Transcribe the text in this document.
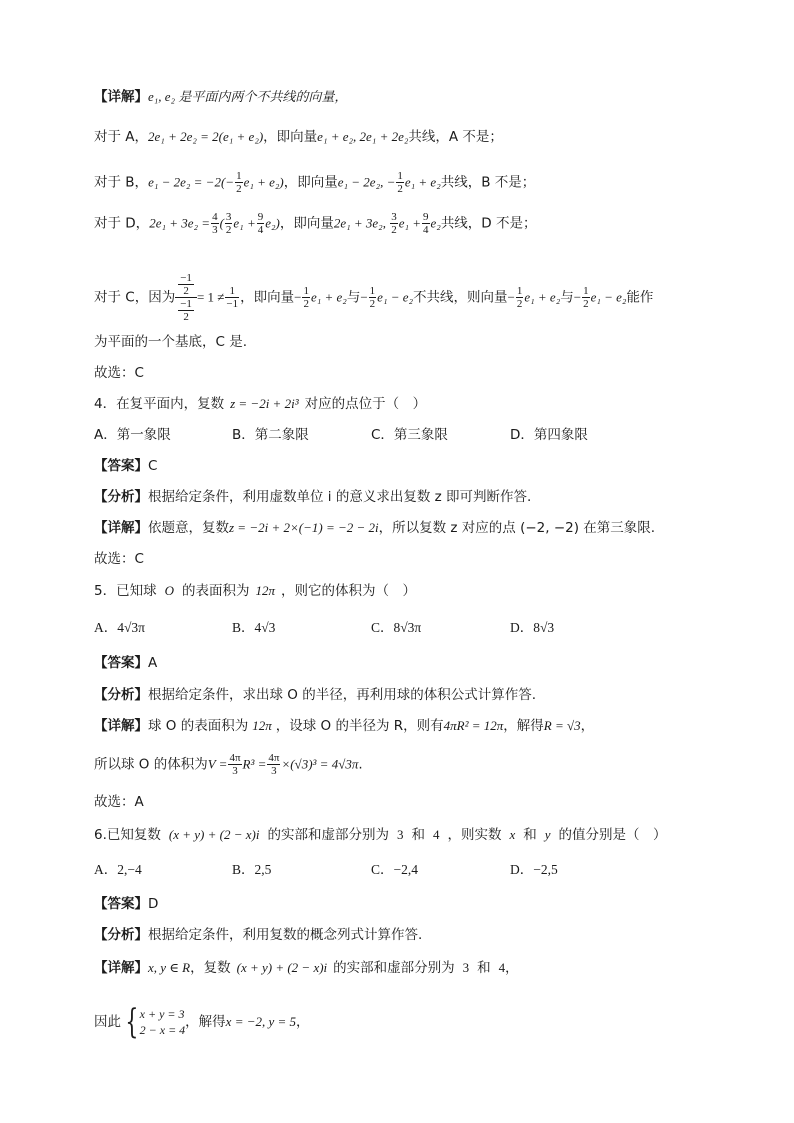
【详解】e₁, e₂ 是平面内两个不共线的向量，
对于 A，2e₁ + 2e₂ = 2(e₁ + e₂)，即向量e₁ + e₂, 2e₁ + 2e₂共线，A 不是；
对于 B，$e_1 - 2e_2 = -2(- \frac{1}{2} e_1 + e_2)$，即向量e₁ − 2e₂, − $\frac{1}{2} e_1 + e_2$共线，B 不是；
对于 D，$2e_1 + 3e_2 = \frac{4}{3}$ ( $\frac{3}{2} e_1 + \frac{9}{4} e_2$)，即向量2e₁ + 3e₂, $\frac{3}{2} e_1 + \frac{9}{4} e_2$共线，D 不是；
对于 C，因为 $\frac{\frac{-1}{2}}{\frac{-1}{2}} = 1 \ne \frac{1}{-1}$ ，即向量− $\frac{1}{2} e_1 + e_2$与− $\frac{1}{2} e_1 - e_2$不共线，则向量− $\frac{1}{2} e_1 + e_2$与− $\frac{1}{2} e_1 - e_2$能作
为平面的一个基底，C 是.
故选：C
4．在复平面内，复数 z = −2i + 2i³ 对应的点位于（　）
A．第一象限	B．第二象限	C．第三象限	D．第四象限
【答案】C
【分析】根据给定条件，利用虚数单位 i 的意义求出复数 z 即可判断作答.
【详解】依题意，复数z = −2i + 2×(−1) = −2 − 2i，所以复数 z 对应的点 (−2, −2) 在第三象限.
故选：C
5．已知球 O 的表面积为 12π ，则它的体积为（　）
A．4√3π	B．4√3	C．8√3π	D．8√3
【答案】A
【分析】根据给定条件，求出球 O 的半径，再利用球的体积公式计算作答.
【详解】球 O 的表面积为 12π ，设球 O 的半径为 R，则有4πR² = 12π，解得R = √3，
所以球 O 的体积为$V = \frac{4\pi}{3} R^3 = \frac{4\pi}{3} \times(√3)^3 = 4√3\pi$.
故选：A
6.已知复数 (x + y) + (2 − x)i 的实部和虚部分别为 3 和 4 ，则实数 x 和 y 的值分别是（　）
A．2,−4	B．2,5	C．−2,4	D．−2,5
【答案】D
【分析】根据给定条件，利用复数的概念列式计算作答.
【详解】x, y ∈ R，复数 (x + y) + (2 − x)i 的实部和虚部分别为 3 和 4，
因此 { x + y = 3
2 − x = 4 ，解得x = −2, y = 5，
